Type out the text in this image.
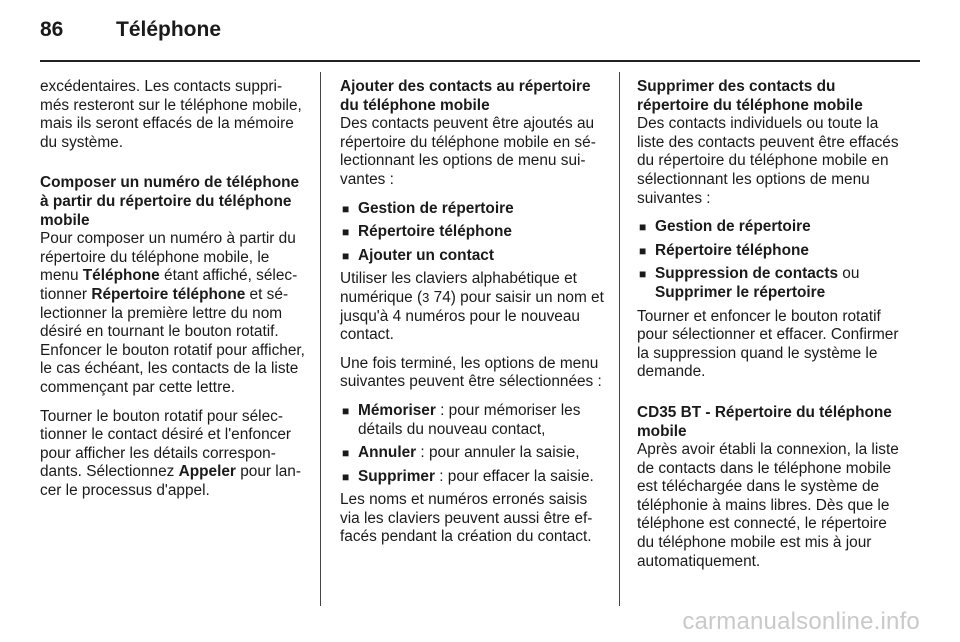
86	Téléphone

excédentaires. Les contacts supprimés resteront sur le téléphone mobile, mais ils seront effacés de la mémoire du système.

Composer un numéro de téléphone à partir du répertoire du téléphone mobile

Pour composer un numéro à partir du répertoire du téléphone mobile, le menu Téléphone étant affiché, sélectionner Répertoire téléphone et sélectionner la première lettre du nom désiré en tournant le bouton rotatif. Enfoncer le bouton rotatif pour afficher, le cas échéant, les contacts de la liste commençant par cette lettre.

Tourner le bouton rotatif pour sélectionner le contact désiré et l'enfoncer pour afficher les détails correspondants. Sélectionnez Appeler pour lancer le processus d'appel.

Ajouter des contacts au répertoire du téléphone mobile

Des contacts peuvent être ajoutés au répertoire du téléphone mobile en sélectionnant les options de menu suivantes :

■ Gestion de répertoire
■ Répertoire téléphone
■ Ajouter un contact

Utiliser les claviers alphabétique et numérique (3 74) pour saisir un nom et jusqu'à 4 numéros pour le nouveau contact.

Une fois terminé, les options de menu suivantes peuvent être sélectionnées :

■ Mémoriser : pour mémoriser les détails du nouveau contact,
■ Annuler : pour annuler la saisie,
■ Supprimer : pour effacer la saisie.

Les noms et numéros erronés saisis via les claviers peuvent aussi être effacés pendant la création du contact.

Supprimer des contacts du répertoire du téléphone mobile

Des contacts individuels ou toute la liste des contacts peuvent être effacés du répertoire du téléphone mobile en sélectionnant les options de menu suivantes :

■ Gestion de répertoire
■ Répertoire téléphone
■ Suppression de contacts ou Supprimer le répertoire

Tourner et enfoncer le bouton rotatif pour sélectionner et effacer. Confirmer la suppression quand le système le demande.

CD35 BT - Répertoire du téléphone mobile

Après avoir établi la connexion, la liste de contacts dans le téléphone mobile est téléchargée dans le système de téléphonie à mains libres. Dès que le téléphone est connecté, le répertoire du téléphone mobile est mis à jour automatiquement.

carmanualsonline.info
